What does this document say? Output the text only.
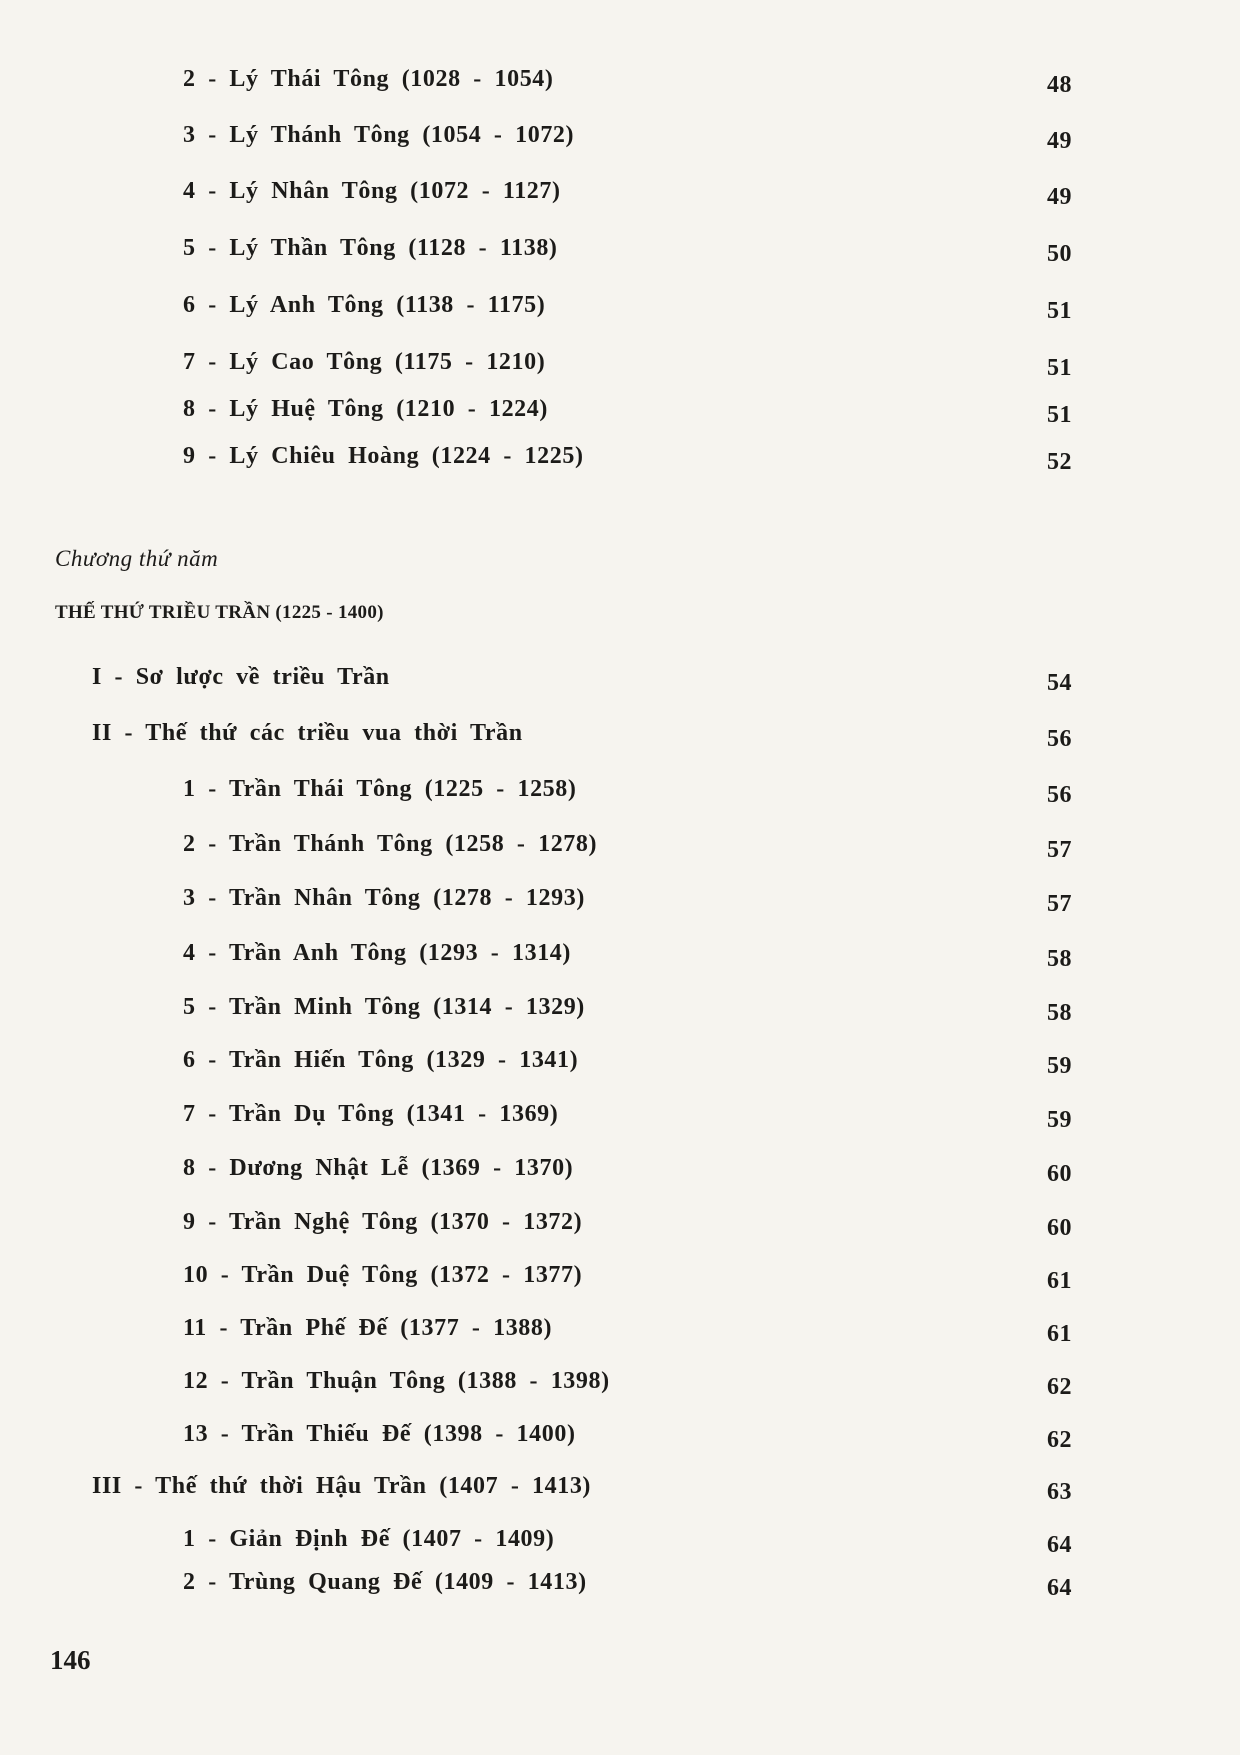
2 - Lý Thái Tông (1028 - 1054)	48
3 - Lý Thánh Tông (1054 - 1072)	49
4 - Lý Nhân Tông (1072 - 1127)	49
5 - Lý Thần Tông (1128 - 1138)	50
6 - Lý Anh Tông (1138 - 1175)	51
7 - Lý Cao Tông (1175 - 1210)	51
8 - Lý Huệ Tông (1210 - 1224)	51
9 - Lý Chiêu Hoàng (1224 - 1225)	52
Chương thứ năm
THẾ THỨ TRIỀU TRẦN (1225 - 1400)
I - Sơ lược về triều Trần	54
II - Thế thứ các triều vua thời Trần	56
1 - Trần Thái Tông (1225 - 1258)	56
2 - Trần Thánh Tông (1258 - 1278)	57
3 - Trần Nhân Tông (1278 - 1293)	57
4 - Trần Anh Tông (1293 - 1314)	58
5 - Trần Minh Tông (1314 - 1329)	58
6 - Trần Hiến Tông (1329 - 1341)	59
7 - Trần Dụ Tông (1341 - 1369)	59
8 - Dương Nhật Lễ (1369 - 1370)	60
9 - Trần Nghệ Tông (1370 - 1372)	60
10 - Trần Duệ Tông (1372 - 1377)	61
11 - Trần Phế Đế (1377 - 1388)	61
12 - Trần Thuận Tông (1388 - 1398)	62
13 - Trần Thiếu Đế (1398 - 1400)	62
III - Thế thứ thời Hậu Trần (1407 - 1413)	63
1 - Giản Định Đế (1407 - 1409)	64
2 - Trùng Quang Đế (1409 - 1413)	64
146
